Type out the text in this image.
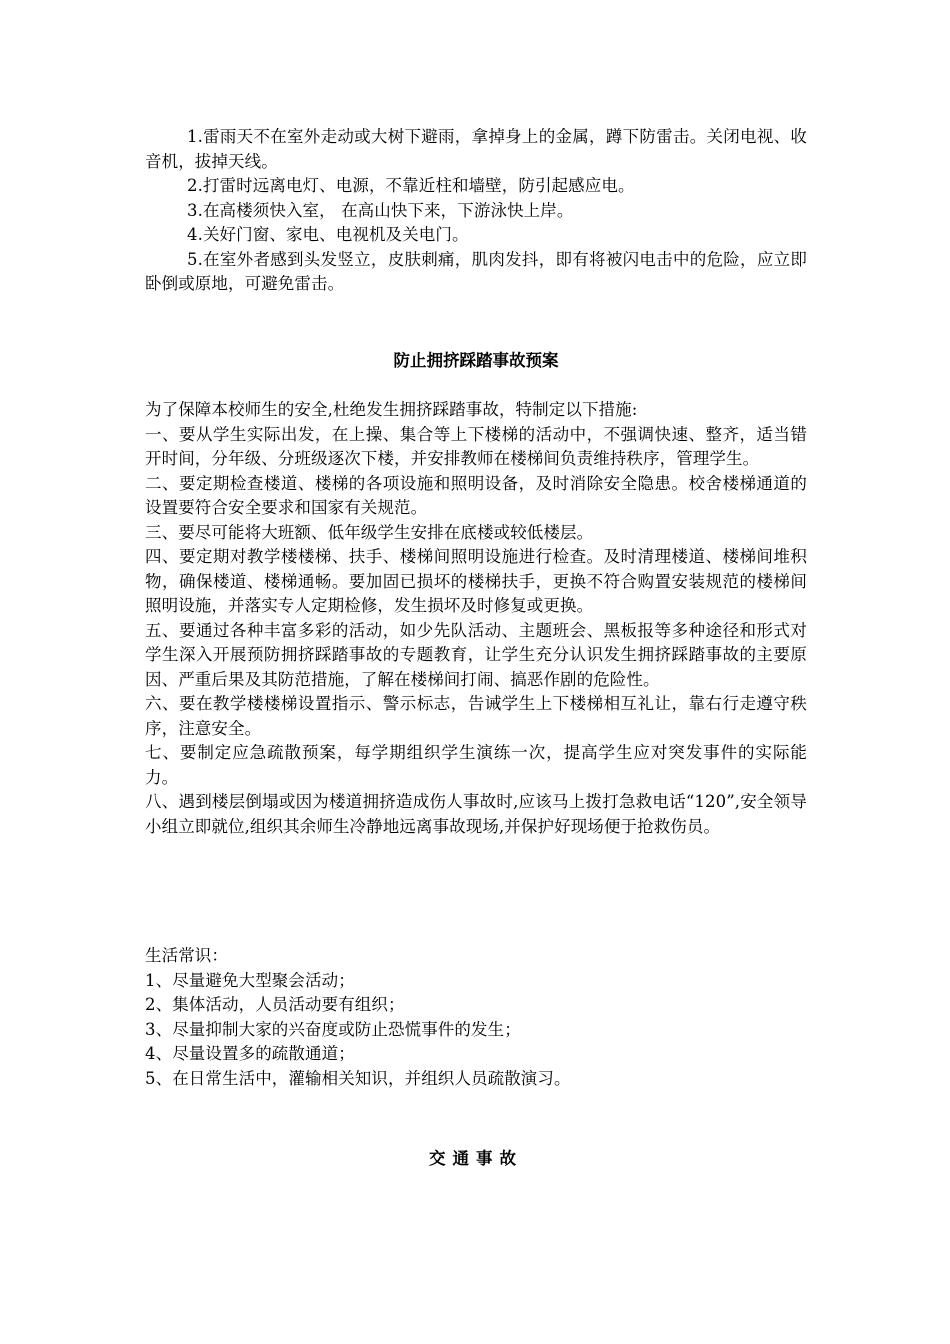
1.雷雨天不在室外走动或大树下避雨，拿掉身上的金属，蹲下防雷击。关闭电视、收音机，拔掉天线。

2.打雷时远离电灯、电源，不靠近柱和墙壁，防引起感应电。

3.在高楼须快入室， 在高山快下来，下游泳快上岸。

4.关好门窗、家电、电视机及关电门。

5.在室外者感到头发竖立，皮肤刺痛，肌肉发抖，即有将被闪电击中的危险，应立即卧倒或原地，可避免雷击。

防止拥挤踩踏事故预案

为了保障本校师生的安全,杜绝发生拥挤踩踏事故，特制定以下措施:

一、要从学生实际出发，在上操、集合等上下楼梯的活动中，不强调快速、整齐，适当错开时间，分年级、分班级逐次下楼，并安排教师在楼梯间负责维持秩序，管理学生。

二、要定期检查楼道、楼梯的各项设施和照明设备，及时消除安全隐患。校舍楼梯通道的设置要符合安全要求和国家有关规范。

三、要尽可能将大班额、低年级学生安排在底楼或较低楼层。

四、要定期对教学楼楼梯、扶手、楼梯间照明设施进行检查。及时清理楼道、楼梯间堆积物，确保楼道、楼梯通畅。要加固已损坏的楼梯扶手，更换不符合购置安装规范的楼梯间照明设施，并落实专人定期检修，发生损坏及时修复或更换。

五、要通过各种丰富多彩的活动，如少先队活动、主题班会、黑板报等多种途径和形式对学生深入开展预防拥挤踩踏事故的专题教育，让学生充分认识发生拥挤踩踏事故的主要原因、严重后果及其防范措施，了解在楼梯间打闹、搞恶作剧的危险性。

六、要在教学楼楼梯设置指示、警示标志，告诫学生上下楼梯相互礼让，靠右行走遵守秩序，注意安全。

七、要制定应急疏散预案，每学期组织学生演练一次，提高学生应对突发事件的实际能力。

八、遇到楼层倒塌或因为楼道拥挤造成伤人事故时,应该马上拨打急救电话“120”,安全领导小组立即就位,组织其余师生冷静地远离事故现场,并保护好现场便于抢救伤员。

生活常识：

1、尽量避免大型聚会活动；

2、集体活动，人员活动要有组织；

3、尽量抑制大家的兴奋度或防止恐慌事件的发生；

4、尽量设置多的疏散通道；

5、在日常生活中，灌输相关知识，并组织人员疏散演习。

交通事故
